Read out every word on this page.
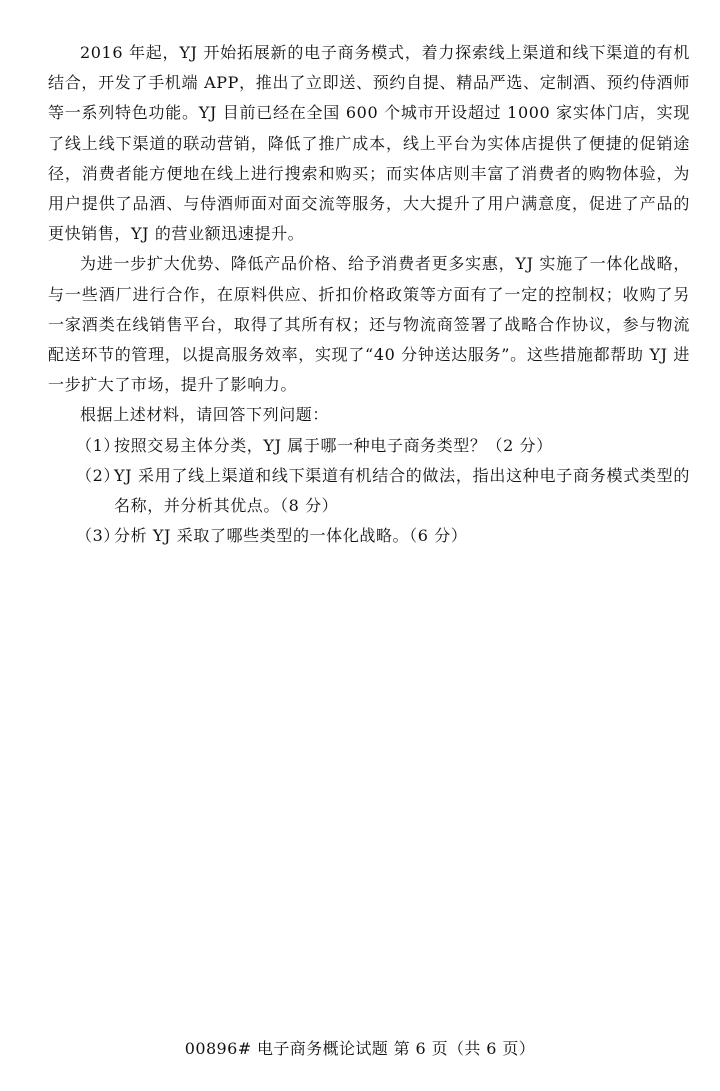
2016 年起，YJ 开始拓展新的电子商务模式，着力探索线上渠道和线下渠道的有机结合，开发了手机端 APP，推出了立即送、预约自提、精品严选、定制酒、预约侍酒师等一系列特色功能。YJ 目前已经在全国 600 个城市开设超过 1000 家实体门店，实现了线上线下渠道的联动营销，降低了推广成本，线上平台为实体店提供了便捷的促销途径，消费者能方便地在线上进行搜索和购买；而实体店则丰富了消费者的购物体验，为用户提供了品酒、与侍酒师面对面交流等服务，大大提升了用户满意度，促进了产品的更快销售，YJ 的营业额迅速提升。

为进一步扩大优势、降低产品价格、给予消费者更多实惠，YJ 实施了一体化战略，与一些酒厂进行合作，在原料供应、折扣价格政策等方面有了一定的控制权；收购了另一家酒类在线销售平台，取得了其所有权；还与物流商签署了战略合作协议，参与物流配送环节的管理，以提高服务效率，实现了“40 分钟送达服务”。这些措施都帮助 YJ 进一步扩大了市场，提升了影响力。

根据上述材料，请回答下列问题：

（1）
按照交易主体分类，YJ 属于哪一种电子商务类型？（2 分）
（2）
YJ 采用了线上渠道和线下渠道有机结合的做法，指出这种电子商务模式类型的名称，并分析其优点。（8 分）
（3）
分析 YJ 采取了哪些类型的一体化战略。（6 分）
00896# 电子商务概论试题 第 6 页（共 6 页）
